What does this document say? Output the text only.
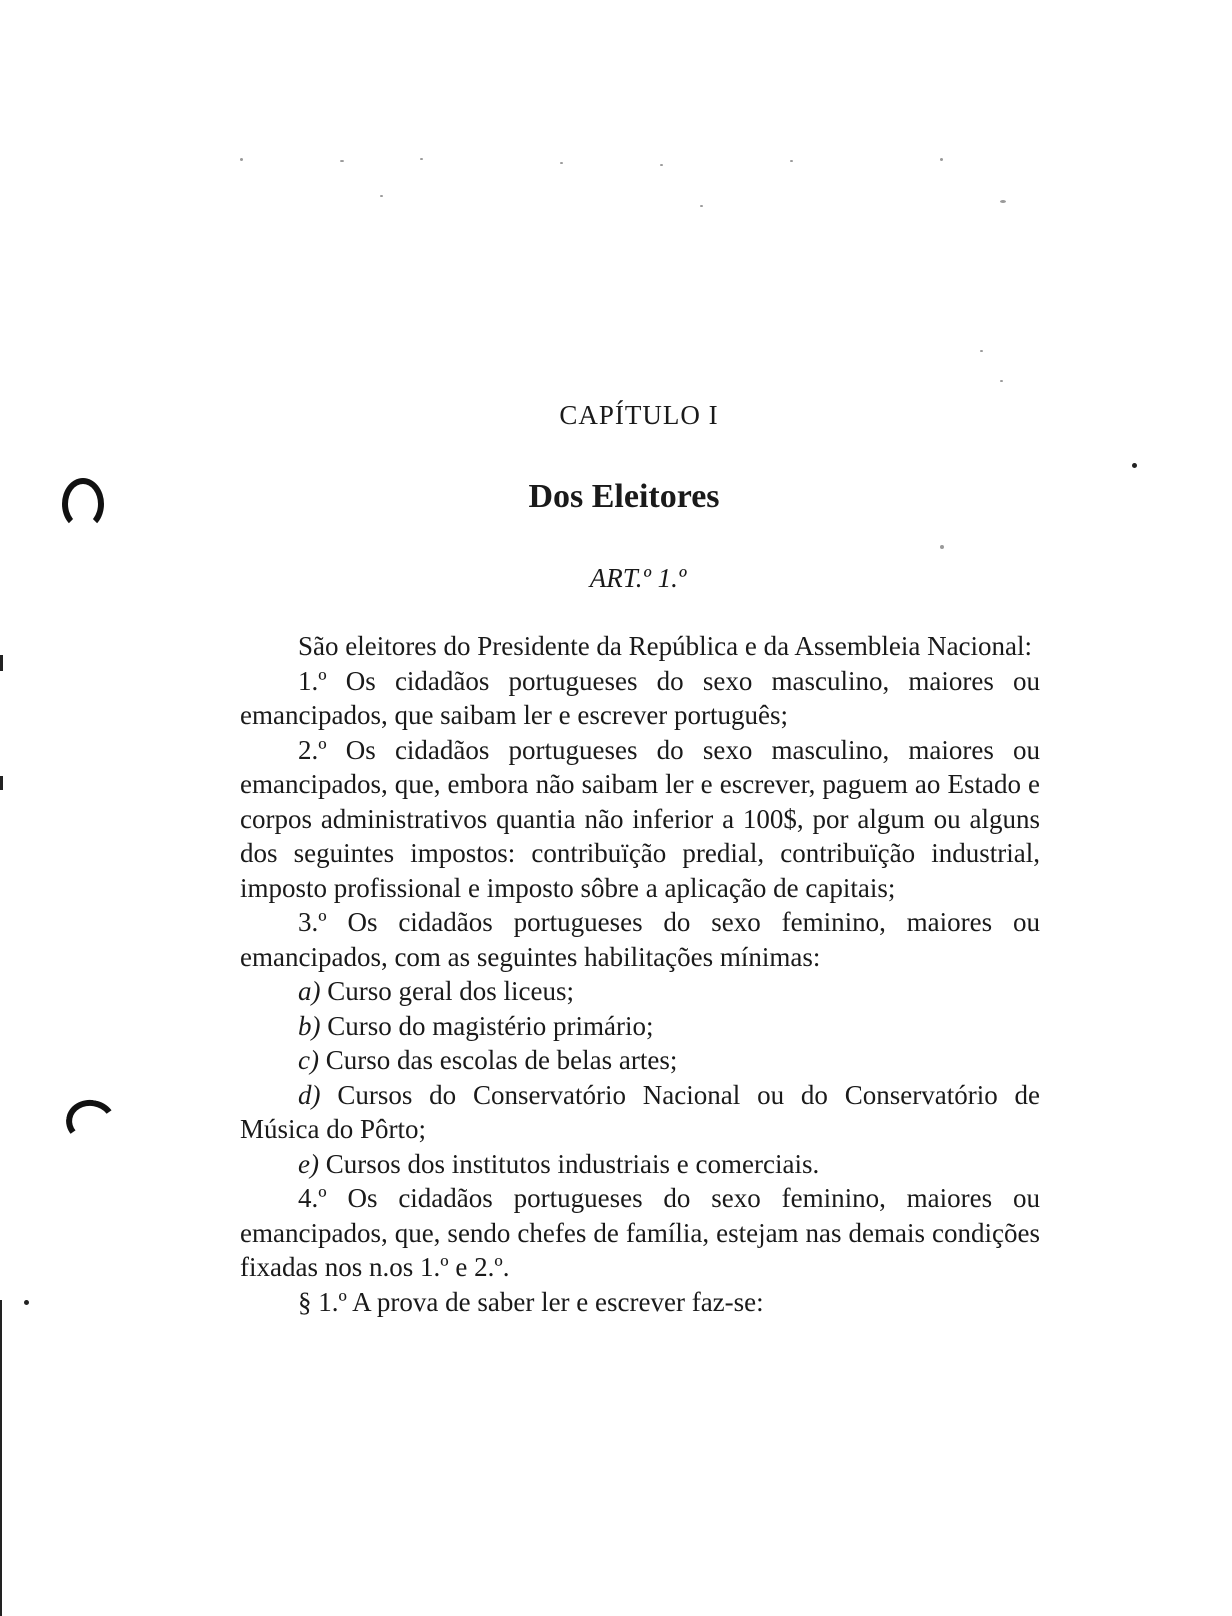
CAPÍTULO I
Dos Eleitores
ART.º 1.º

São eleitores do Presidente da República e da Assembleia Nacional:

1.º Os cidadãos portugueses do sexo masculino, maiores ou emancipados, que saibam ler e escrever português;

2.º Os cidadãos portugueses do sexo masculino, maiores ou emancipados, que, embora não saibam ler e escrever, paguem ao Estado e corpos administrativos quantia não inferior a 100$, por algum ou alguns dos seguintes impostos: contribuïção predial, contribuïção industrial, imposto profissional e imposto sôbre a aplicação de capitais;

3.º Os cidadãos portugueses do sexo feminino, maiores ou emancipados, com as seguintes habilitações mínimas:

a) Curso geral dos liceus;

b) Curso do magistério primário;

c) Curso das escolas de belas artes;

d) Cursos do Conservatório Nacional ou do Conservatório de Música do Pôrto;

e) Cursos dos institutos industriais e comerciais.

4.º Os cidadãos portugueses do sexo feminino, maiores ou emancipados, que, sendo chefes de família, estejam nas demais condições fixadas nos n.os 1.º e 2.º.

§ 1.º A prova de saber ler e escrever faz-se:
